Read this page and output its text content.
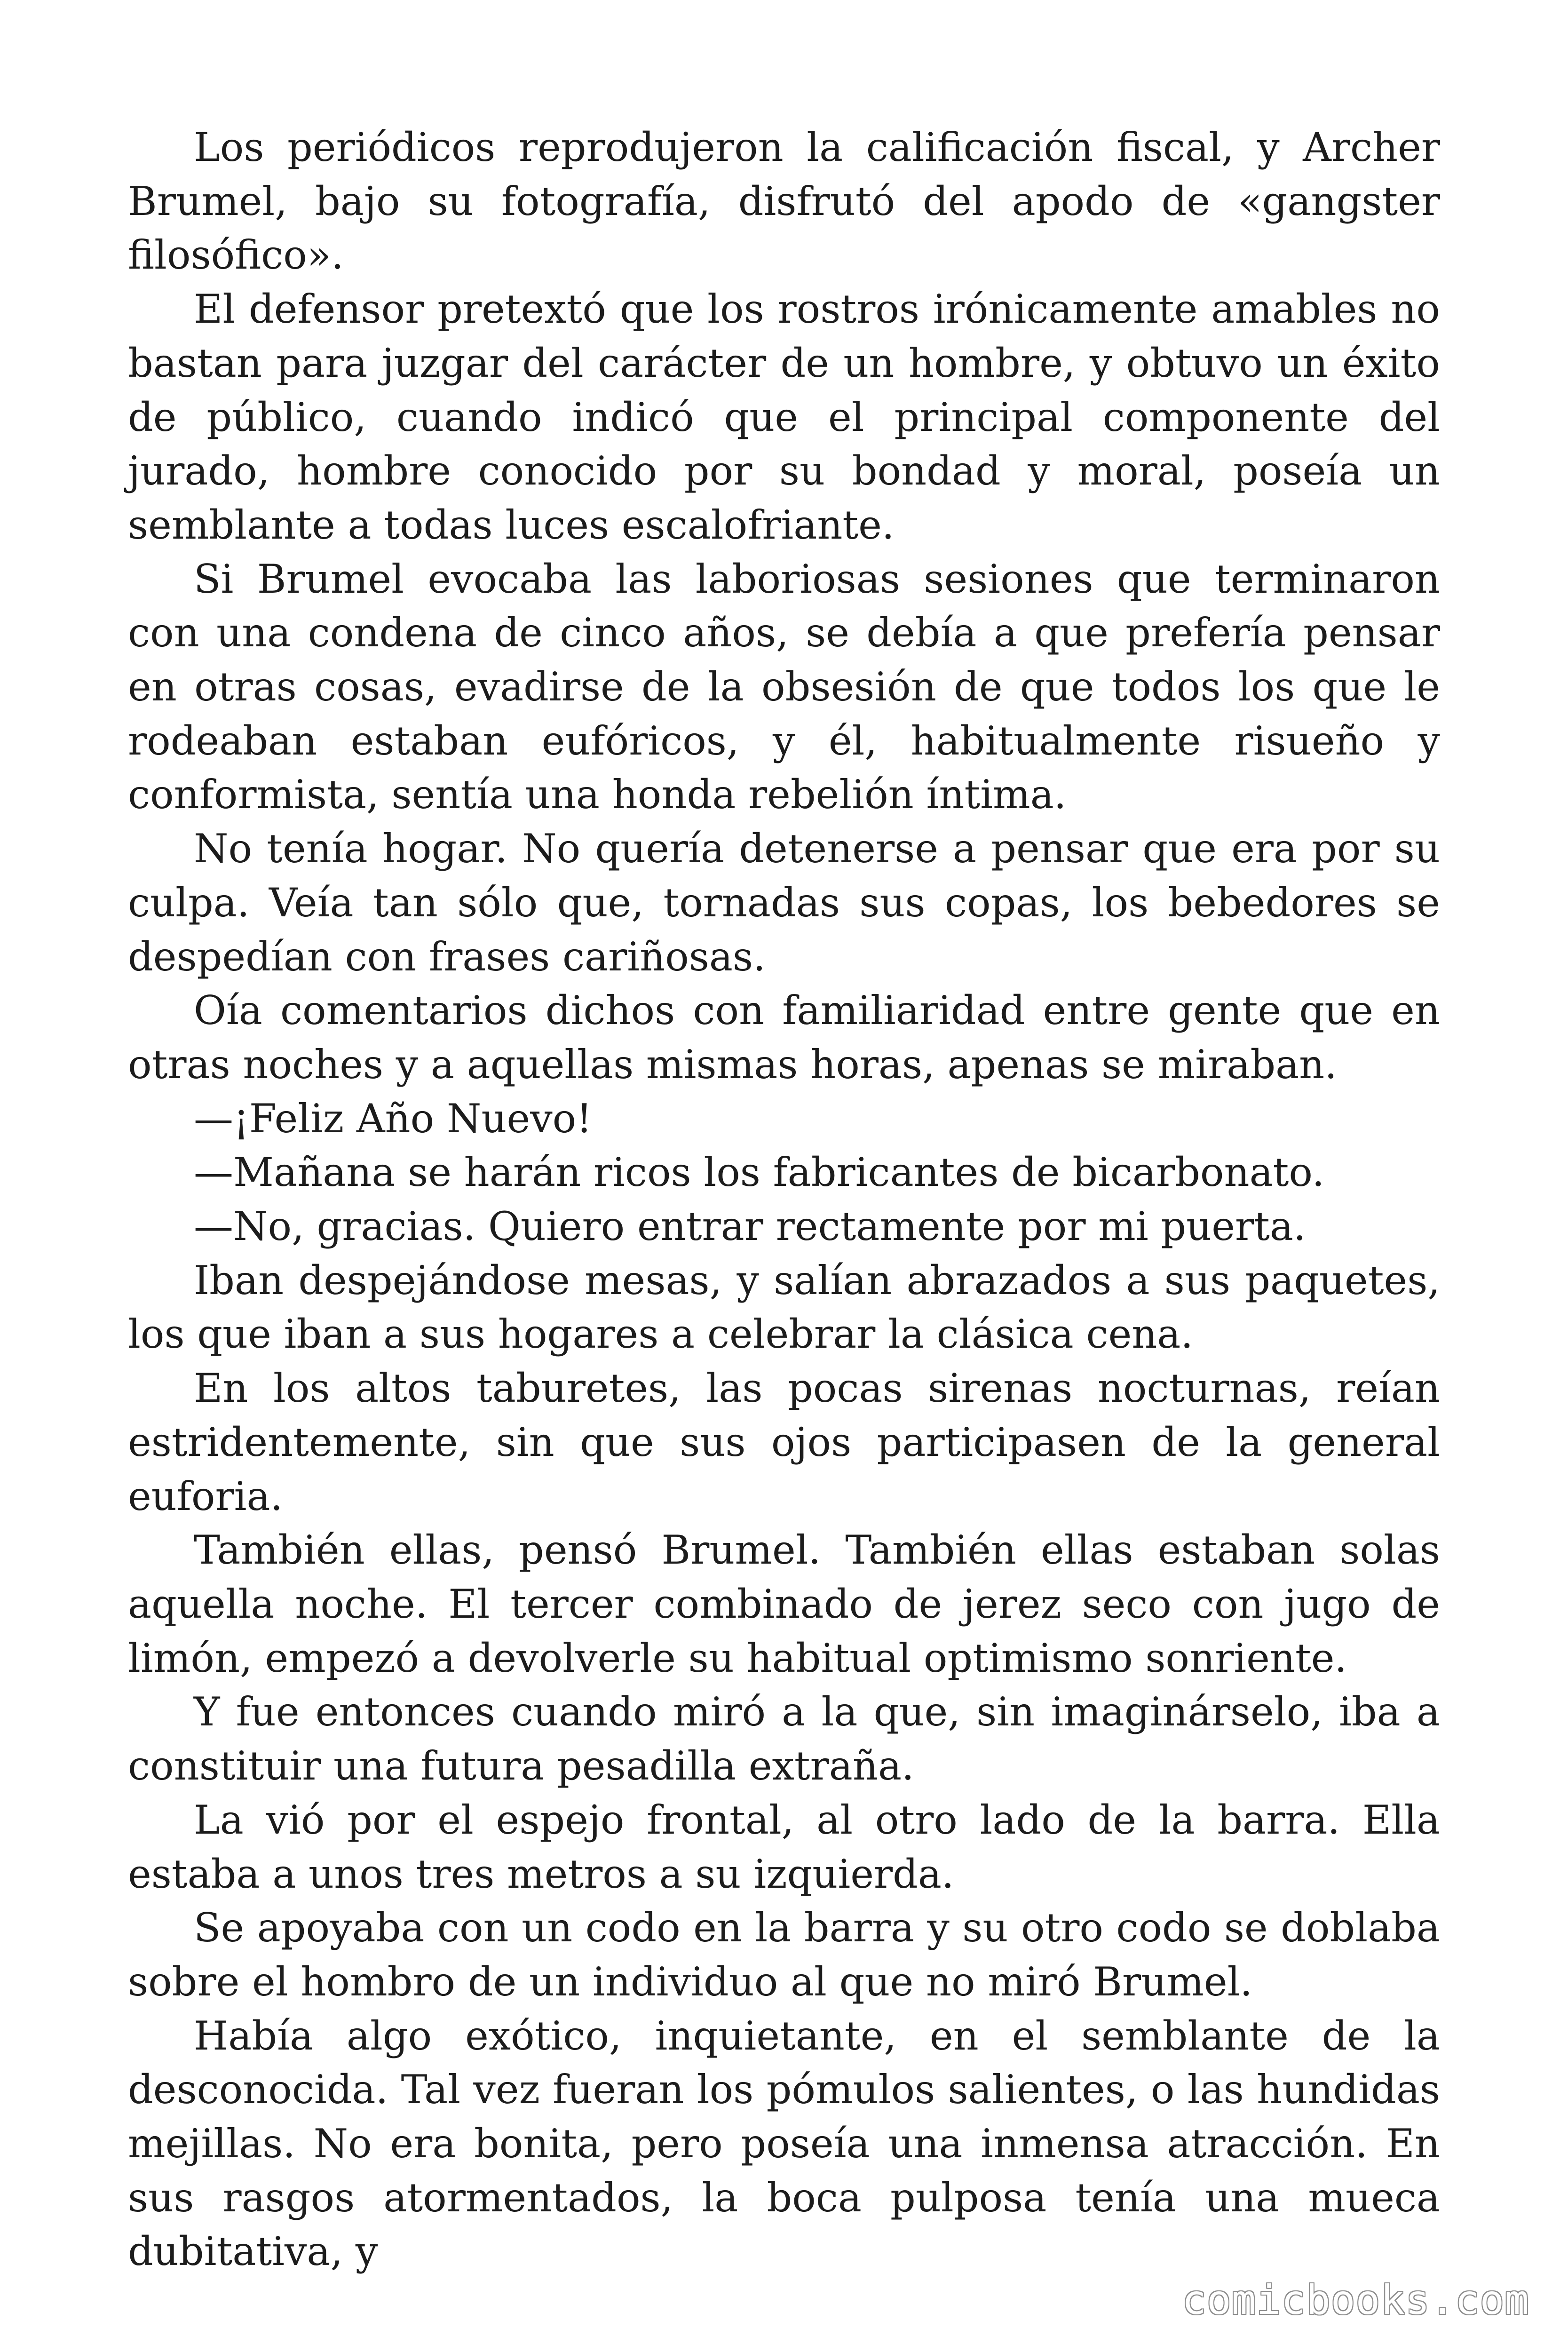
Los periódicos reprodujeron la calificación fiscal, y Archer Brumel, bajo su fotografía, disfrutó del apodo de «gangster filosófico».

El defensor pretextó que los rostros irónicamente amables no bastan para juzgar del carácter de un hombre, y obtuvo un éxito de público, cuando indicó que el principal componente del jurado, hombre conocido por su bondad y moral, poseía un semblante a todas luces escalofriante.

Si Brumel evocaba las laboriosas sesiones que terminaron con una condena de cinco años, se debía a que prefería pensar en otras cosas, evadirse de la obsesión de que todos los que le rodeaban estaban eufóricos, y él, habitualmente risueño y conformista, sentía una honda rebelión íntima.

No tenía hogar. No quería detenerse a pensar que era por su culpa. Veía tan sólo que, tornadas sus copas, los bebedores se despedían con frases cariñosas.

Oía comentarios dichos con familiaridad entre gente que en otras noches y a aquellas mismas horas, apenas se miraban.

—¡Feliz Año Nuevo!

—Mañana se harán ricos los fabricantes de bicarbonato.

—No, gracias. Quiero entrar rectamente por mi puerta.

Iban despejándose mesas, y salían abrazados a sus paquetes, los que iban a sus hogares a celebrar la clásica cena.

En los altos taburetes, las pocas sirenas nocturnas, reían estridentemente, sin que sus ojos participasen de la general euforia.

También ellas, pensó Brumel. También ellas estaban solas aquella noche. El tercer combinado de jerez seco con jugo de limón, empezó a devolverle su habitual optimismo sonriente.

Y fue entonces cuando miró a la que, sin imaginárselo, iba a constituir una futura pesadilla extraña.

La vió por el espejo frontal, al otro lado de la barra. Ella estaba a unos tres metros a su izquierda.

Se apoyaba con un codo en la barra y su otro codo se doblaba sobre el hombro de un individuo al que no miró Brumel.

Había algo exótico, inquietante, en el semblante de la desconocida. Tal vez fueran los pómulos salientes, o las hundidas mejillas. No era bonita, pero poseía una inmensa atracción. En sus rasgos atormentados, la boca pulposa tenía una mueca dubitativa, y

comicbooks.com
